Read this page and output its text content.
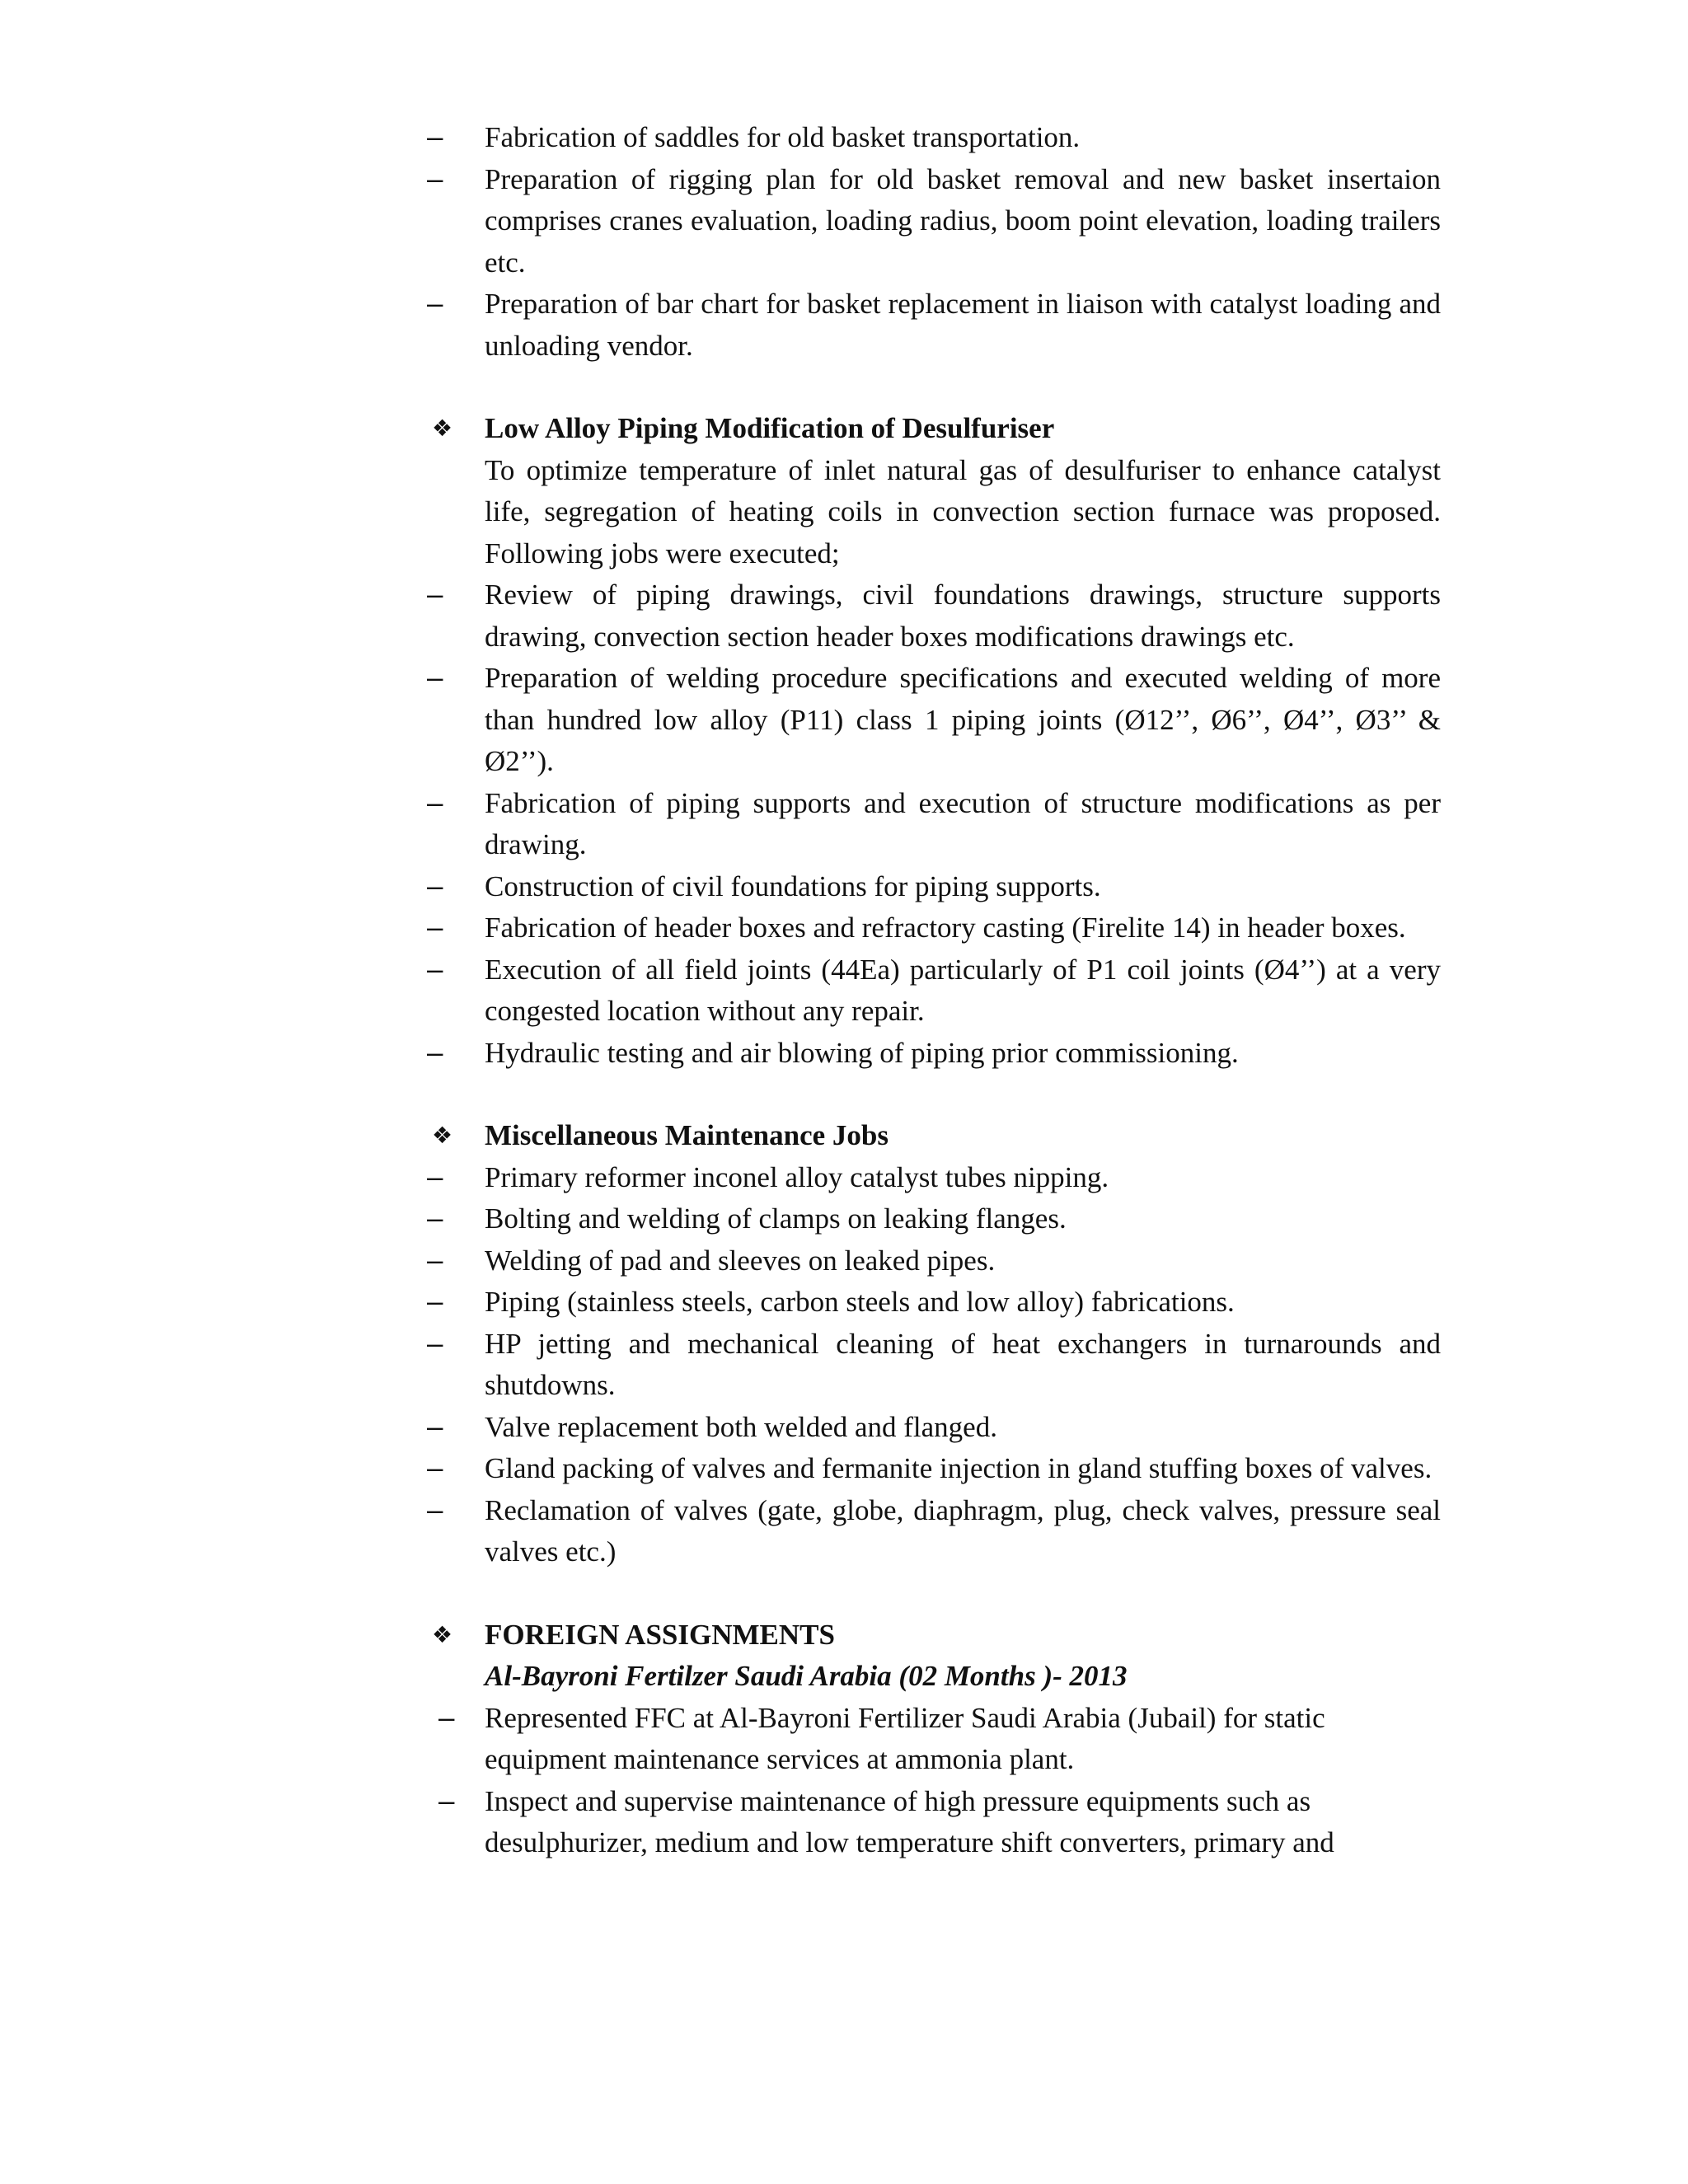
–	Fabrication of saddles for old basket transportation.
–	Preparation of rigging plan for old basket removal and new basket insertaion comprises cranes evaluation, loading radius, boom point elevation, loading trailers etc.
–	Preparation of bar chart for basket replacement in liaison with catalyst loading and unloading vendor.
❖	Low Alloy Piping Modification of Desulfuriser
To optimize temperature of inlet natural gas of desulfuriser to enhance catalyst life, segregation of heating coils in convection section furnace was proposed. Following jobs were executed;
–	Review of piping drawings, civil foundations drawings, structure supports drawing, convection section header boxes modifications drawings etc.
–	Preparation of welding procedure specifications and executed welding of more than hundred low alloy (P11) class 1 piping joints (Ø12’’, Ø6’’, Ø4’’, Ø3’’ & Ø2’’).
–	Fabrication of piping supports and execution of structure modifications as per drawing.
–	Construction of civil foundations for piping supports.
–	Fabrication of header boxes and refractory casting (Firelite 14) in header boxes.
–	Execution of all field joints (44Ea) particularly of P1 coil joints (Ø4’’) at a very congested location without any repair.
–	Hydraulic testing and air blowing of piping prior commissioning.
❖	Miscellaneous Maintenance Jobs
–	Primary reformer inconel alloy catalyst tubes nipping.
–	Bolting and welding of clamps on leaking flanges.
–	Welding of pad and sleeves on leaked pipes.
–	Piping (stainless steels, carbon steels and low alloy) fabrications.
–	HP jetting and mechanical cleaning of heat exchangers in turnarounds and shutdowns.
–	Valve replacement both welded and flanged.
–	Gland packing of valves and fermanite injection in gland stuffing boxes of valves.
–	Reclamation of valves (gate, globe, diaphragm, plug, check valves, pressure seal valves etc.)
❖	FOREIGN ASSIGNMENTS
Al-Bayroni Fertilzer Saudi Arabia (02 Months )- 2013
–	Represented FFC at Al-Bayroni Fertilizer Saudi Arabia (Jubail) for static equipment maintenance services at ammonia plant.
–	Inspect and supervise maintenance of high pressure equipments such as desulphurizer, medium and low temperature shift converters, primary and
